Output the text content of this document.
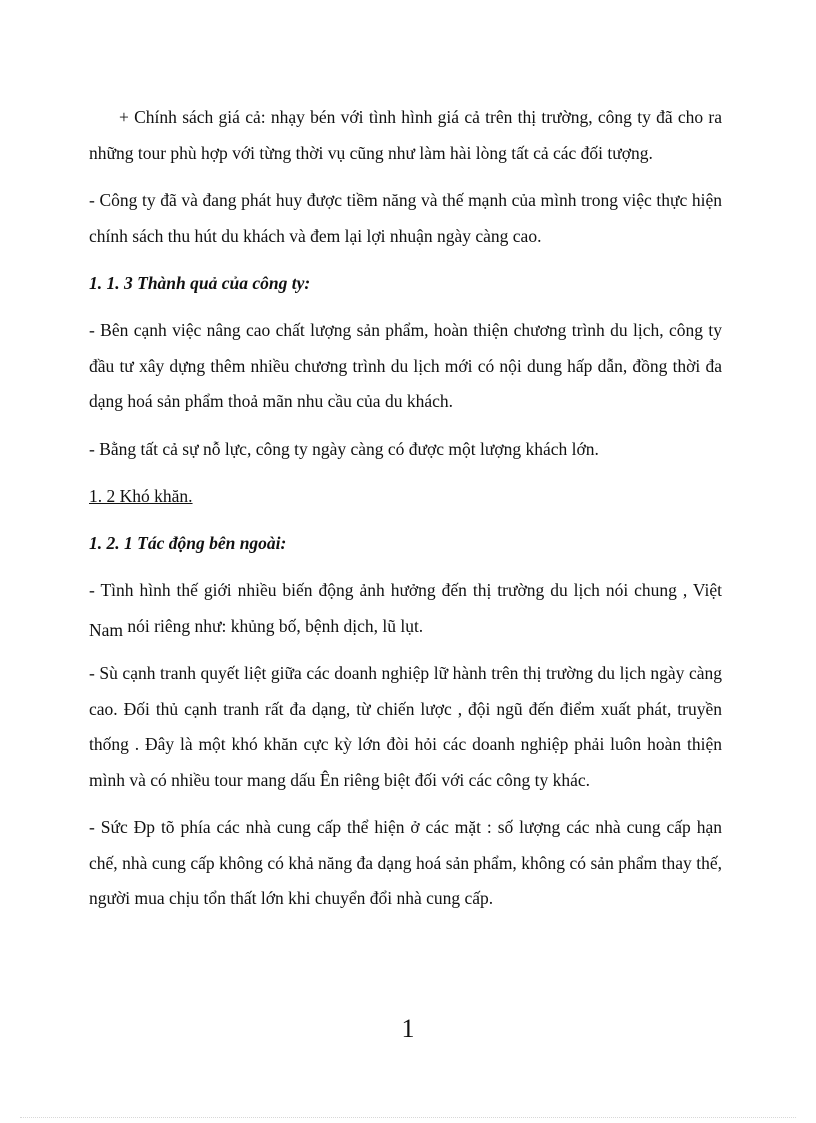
+ Chính sách giá cả: nhạy bén với tình hình giá cả trên thị trường, công ty đã cho ra những tour phù hợp với từng thời vụ cũng như làm hài lòng tất cả các đối tượng.

- Công ty đã và đang phát huy được tiềm năng và thế mạnh của mình trong việc thực hiện chính sách thu hút du khách và đem lại lợi nhuận ngày càng cao.

1. 1. 3 Thành quả của công ty:

- Bên cạnh việc nâng cao chất lượng sản phẩm, hoàn thiện chương trình du lịch, công ty đầu tư xây dựng thêm nhiều chương trình du lịch mới có nội dung hấp dẫn, đồng thời đa dạng hoá sản phẩm thoả mãn nhu cầu của du khách.

- Bằng tất cả sự nỗ lực, công ty ngày càng có được một lượng khách lớn.

1. 2 Khó khăn.

1. 2. 1 Tác động bên ngoài:

- Tình hình thế giới nhiều biến động ảnh hưởng đến thị trường du lịch nói chung , Việt Nam nói riêng như: khủng bố, bệnh dịch, lũ lụt.

- Sù cạnh tranh quyết liệt giữa các doanh nghiệp lữ hành trên thị trường du lịch ngày càng cao. Đối thủ cạnh tranh rất đa dạng, từ chiến lược , đội ngũ đến điểm xuất phát, truyền thống . Đây là một khó khăn cực kỳ lớn đòi hỏi các doanh nghiệp phải luôn hoàn thiện mình và có nhiều tour mang dấu Ên riêng biệt đối với các công ty khác.

- Sức Ðp tõ phía các nhà cung cấp thể hiện ở các mặt : số lượng các nhà cung cấp hạn chế, nhà cung cấp không có khả năng đa dạng hoá sản phẩm, không có sản phẩm thay thế, người mua chịu tổn thất lớn khi chuyển đổi nhà cung cấp.

1
